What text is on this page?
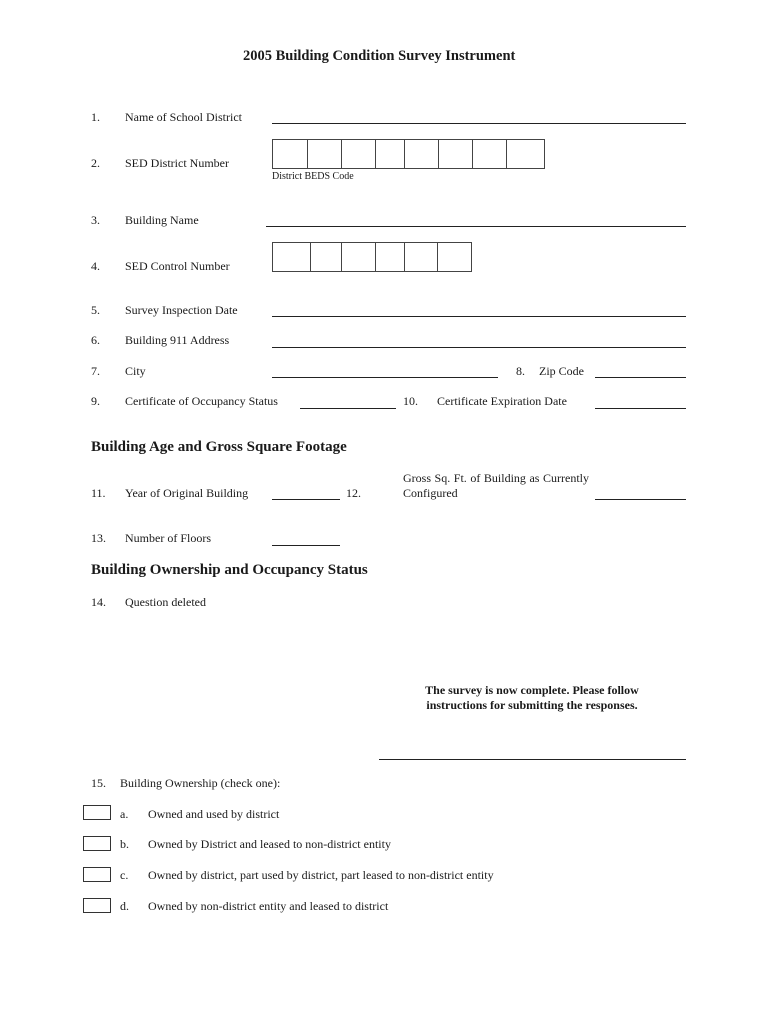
2005 Building Condition Survey Instrument
1. Name of School District
2. SED District Number
District BEDS Code
3. Building Name
4. SED Control Number
5. Survey Inspection Date
6. Building 911 Address
7. City	8. Zip Code
9. Certificate of Occupancy Status	10. Certificate Expiration Date
Building Age and Gross Square Footage
11. Year of Original Building	12.
Gross Sq. Ft. of Building as Currently Configured
13. Number of Floors
Building Ownership and Occupancy Status
14. Question deleted
The survey is now complete. Please follow instructions for submitting the responses.
15. Building Ownership (check one):
a. Owned and used by district
b. Owned by District and leased to non-district entity
c. Owned by district, part used by district, part leased to non-district entity
d. Owned by non-district entity and leased to district
